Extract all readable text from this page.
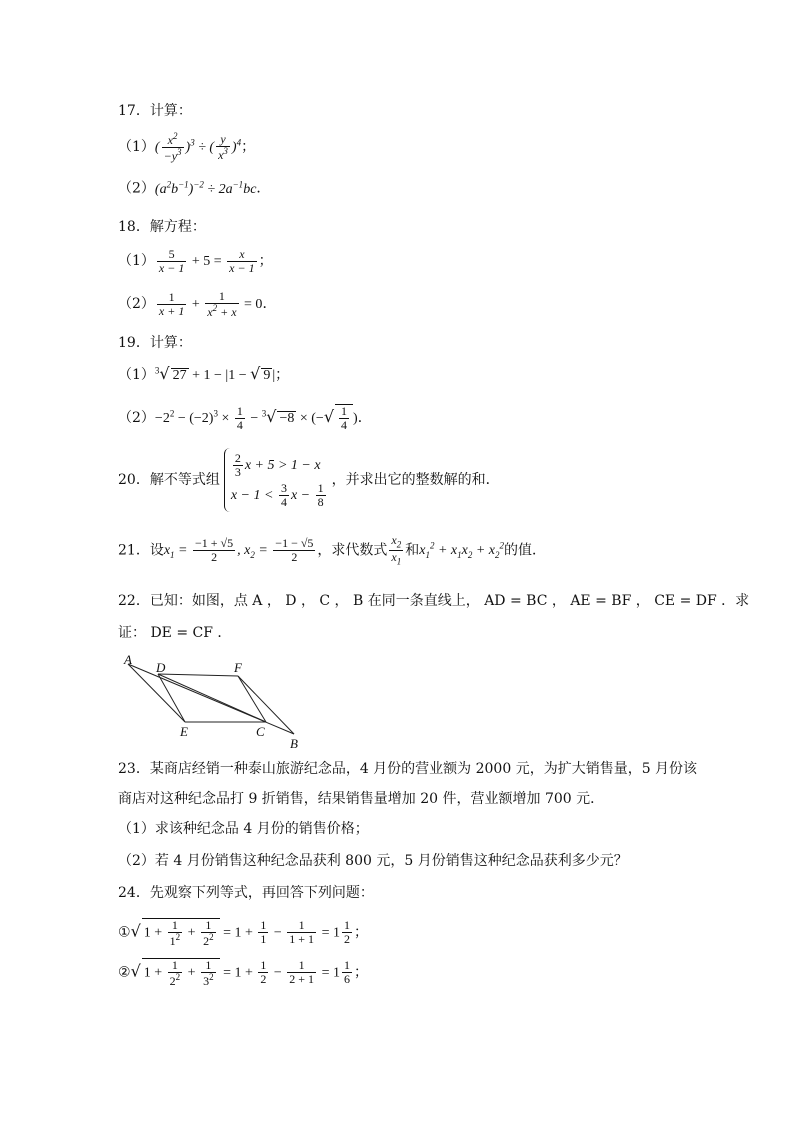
17．计算：
$(1)( \frac{x^2}{-y^3} )^3$ ÷ ( $\frac{y}{x^3} )^4$；
$(2)(a^2b^{-1})^{-2} \div 2a^{-1}bc$．
18．解方程：
$(1) \frac{5}{x - 1} + 5 = \frac{x}{x - 1}$ ；
$(2) \frac{1}{x + 1} + \frac{1}{x^2 + x} = 0$．
19．计算：
$(1)^3√$ 27 + 1 − |1 − √ 9 |；
$(2)-2^2 - (-2)^3 \times \frac{1}{4} - ^3√ -8$ × (−√ $\frac{1}{4}$ )．
20．解不等式组
$\frac{2}{3}$ x + 5 > 1 − x
$x - 1 < \frac{3}{4}$ $x - \frac{1}{8}$
，并求出它的整数解的和．
21．设$x_1 = \frac{-1 + √5}{2}$ , $x_2 = \frac{-1 - √5}{2}$ ，求代数式 $\frac{x_2}{x_1}$ 和$x_1^2 + x_1x_2 + x_2^2$的值．
22．已知：如图，点 A ， D ， C ， B 在同一条直线上， AD = BC ， AE = BF ， CE = DF ．求
证： DE = CF ．
A
D	F
E	C
B
23．某商店经销一种泰山旅游纪念品，4 月份的营业额为 2000 元，为扩大销售量，5 月份该
商店对这种纪念品打 9 折销售，结果销售量增加 20 件，营业额增加 700 元．
（1）求该种纪念品 4 月份的销售价格；
（2）若 4 月份销售这种纪念品获利 800 元，5 月份销售这种纪念品获利多少元？
24．先观察下列等式，再回答下列问题：
①√ $1 + \frac{1}{1^2} + \frac{1}{2^2} = 1 + \frac{1}{1} - \frac{1}{1 + 1} = 1 \frac{1}{2}$ ；
②√ $1 + \frac{1}{2^2} + \frac{1}{3^2} = 1 + \frac{1}{2} - \frac{1}{2 + 1} = 1 \frac{1}{6}$ ；
